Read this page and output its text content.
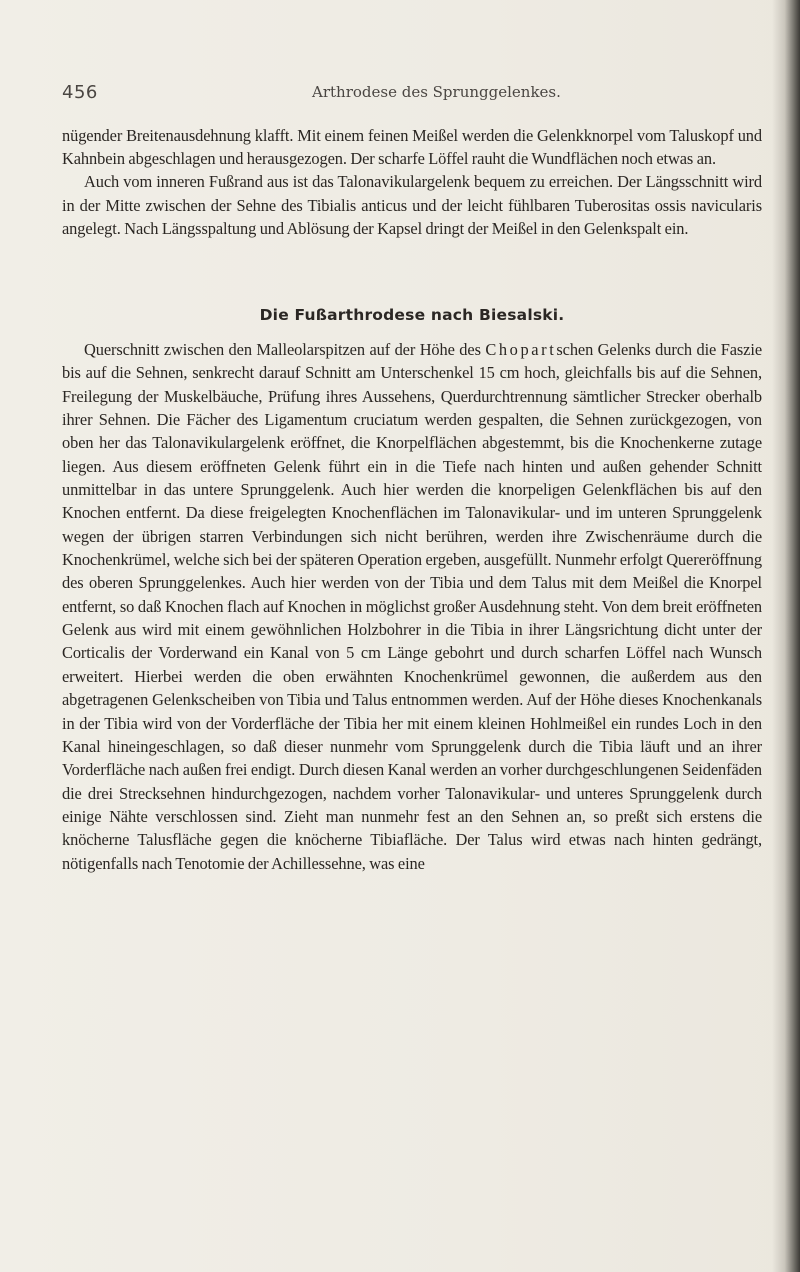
456	Arthrodese des Sprunggelenkes.

nügender Breitenausdehnung klafft. Mit einem feinen Meißel werden die Gelenkknorpel vom Taluskopf und Kahnbein abgeschlagen und herausgezogen. Der scharfe Löffel rauht die Wundflächen noch etwas an.

Auch vom inneren Fußrand aus ist das Talonavikulargelenk bequem zu erreichen. Der Längsschnitt wird in der Mitte zwischen der Sehne des Tibialis anticus und der leicht fühlbaren Tuberositas ossis navicularis angelegt. Nach Längsspaltung und Ablösung der Kapsel dringt der Meißel in den Gelenkspalt ein.

Die Fußarthrodese nach Biesalski.

Querschnitt zwischen den Malleolarspitzen auf der Höhe des Chopartschen Gelenks durch die Faszie bis auf die Sehnen, senkrecht darauf Schnitt am Unterschenkel 15 cm hoch, gleichfalls bis auf die Sehnen, Freilegung der Muskelbäuche, Prüfung ihres Aussehens, Querdurchtrennung sämtlicher Strecker oberhalb ihrer Sehnen. Die Fächer des Ligamentum cruciatum werden gespalten, die Sehnen zurückgezogen, von oben her das Talonavikulargelenk eröffnet, die Knorpelflächen abgestemmt, bis die Knochenkerne zutage liegen. Aus diesem eröffneten Gelenk führt ein in die Tiefe nach hinten und außen gehender Schnitt unmittelbar in das untere Sprunggelenk. Auch hier werden die knorpeligen Gelenkflächen bis auf den Knochen entfernt. Da diese freigelegten Knochenflächen im Talonavikular- und im unteren Sprunggelenk wegen der übrigen starren Verbindungen sich nicht berühren, werden ihre Zwischenräume durch die Knochenkrümel, welche sich bei der späteren Operation ergeben, ausgefüllt. Nunmehr erfolgt Quereröffnung des oberen Sprunggelenkes. Auch hier werden von der Tibia und dem Talus mit dem Meißel die Knorpel entfernt, so daß Knochen flach auf Knochen in möglichst großer Ausdehnung steht. Von dem breit eröffneten Gelenk aus wird mit einem gewöhnlichen Holzbohrer in die Tibia in ihrer Längsrichtung dicht unter der Corticalis der Vorderwand ein Kanal von 5 cm Länge gebohrt und durch scharfen Löffel nach Wunsch erweitert. Hierbei werden die oben erwähnten Knochenkrümel gewonnen, die außerdem aus den abgetragenen Gelenkscheiben von Tibia und Talus entnommen werden. Auf der Höhe dieses Knochenkanals in der Tibia wird von der Vorderfläche der Tibia her mit einem kleinen Hohlmeißel ein rundes Loch in den Kanal hineingeschlagen, so daß dieser nunmehr vom Sprunggelenk durch die Tibia läuft und an ihrer Vorderfläche nach außen frei endigt. Durch diesen Kanal werden an vorher durchgeschlungenen Seidenfäden die drei Strecksehnen hindurchgezogen, nachdem vorher Talonavikular- und unteres Sprunggelenk durch einige Nähte verschlossen sind. Zieht man nunmehr fest an den Sehnen an, so preßt sich erstens die knöcherne Talusfläche gegen die knöcherne Tibiafläche. Der Talus wird etwas nach hinten gedrängt, nötigenfalls nach Tenotomie der Achillessehne, was eine
